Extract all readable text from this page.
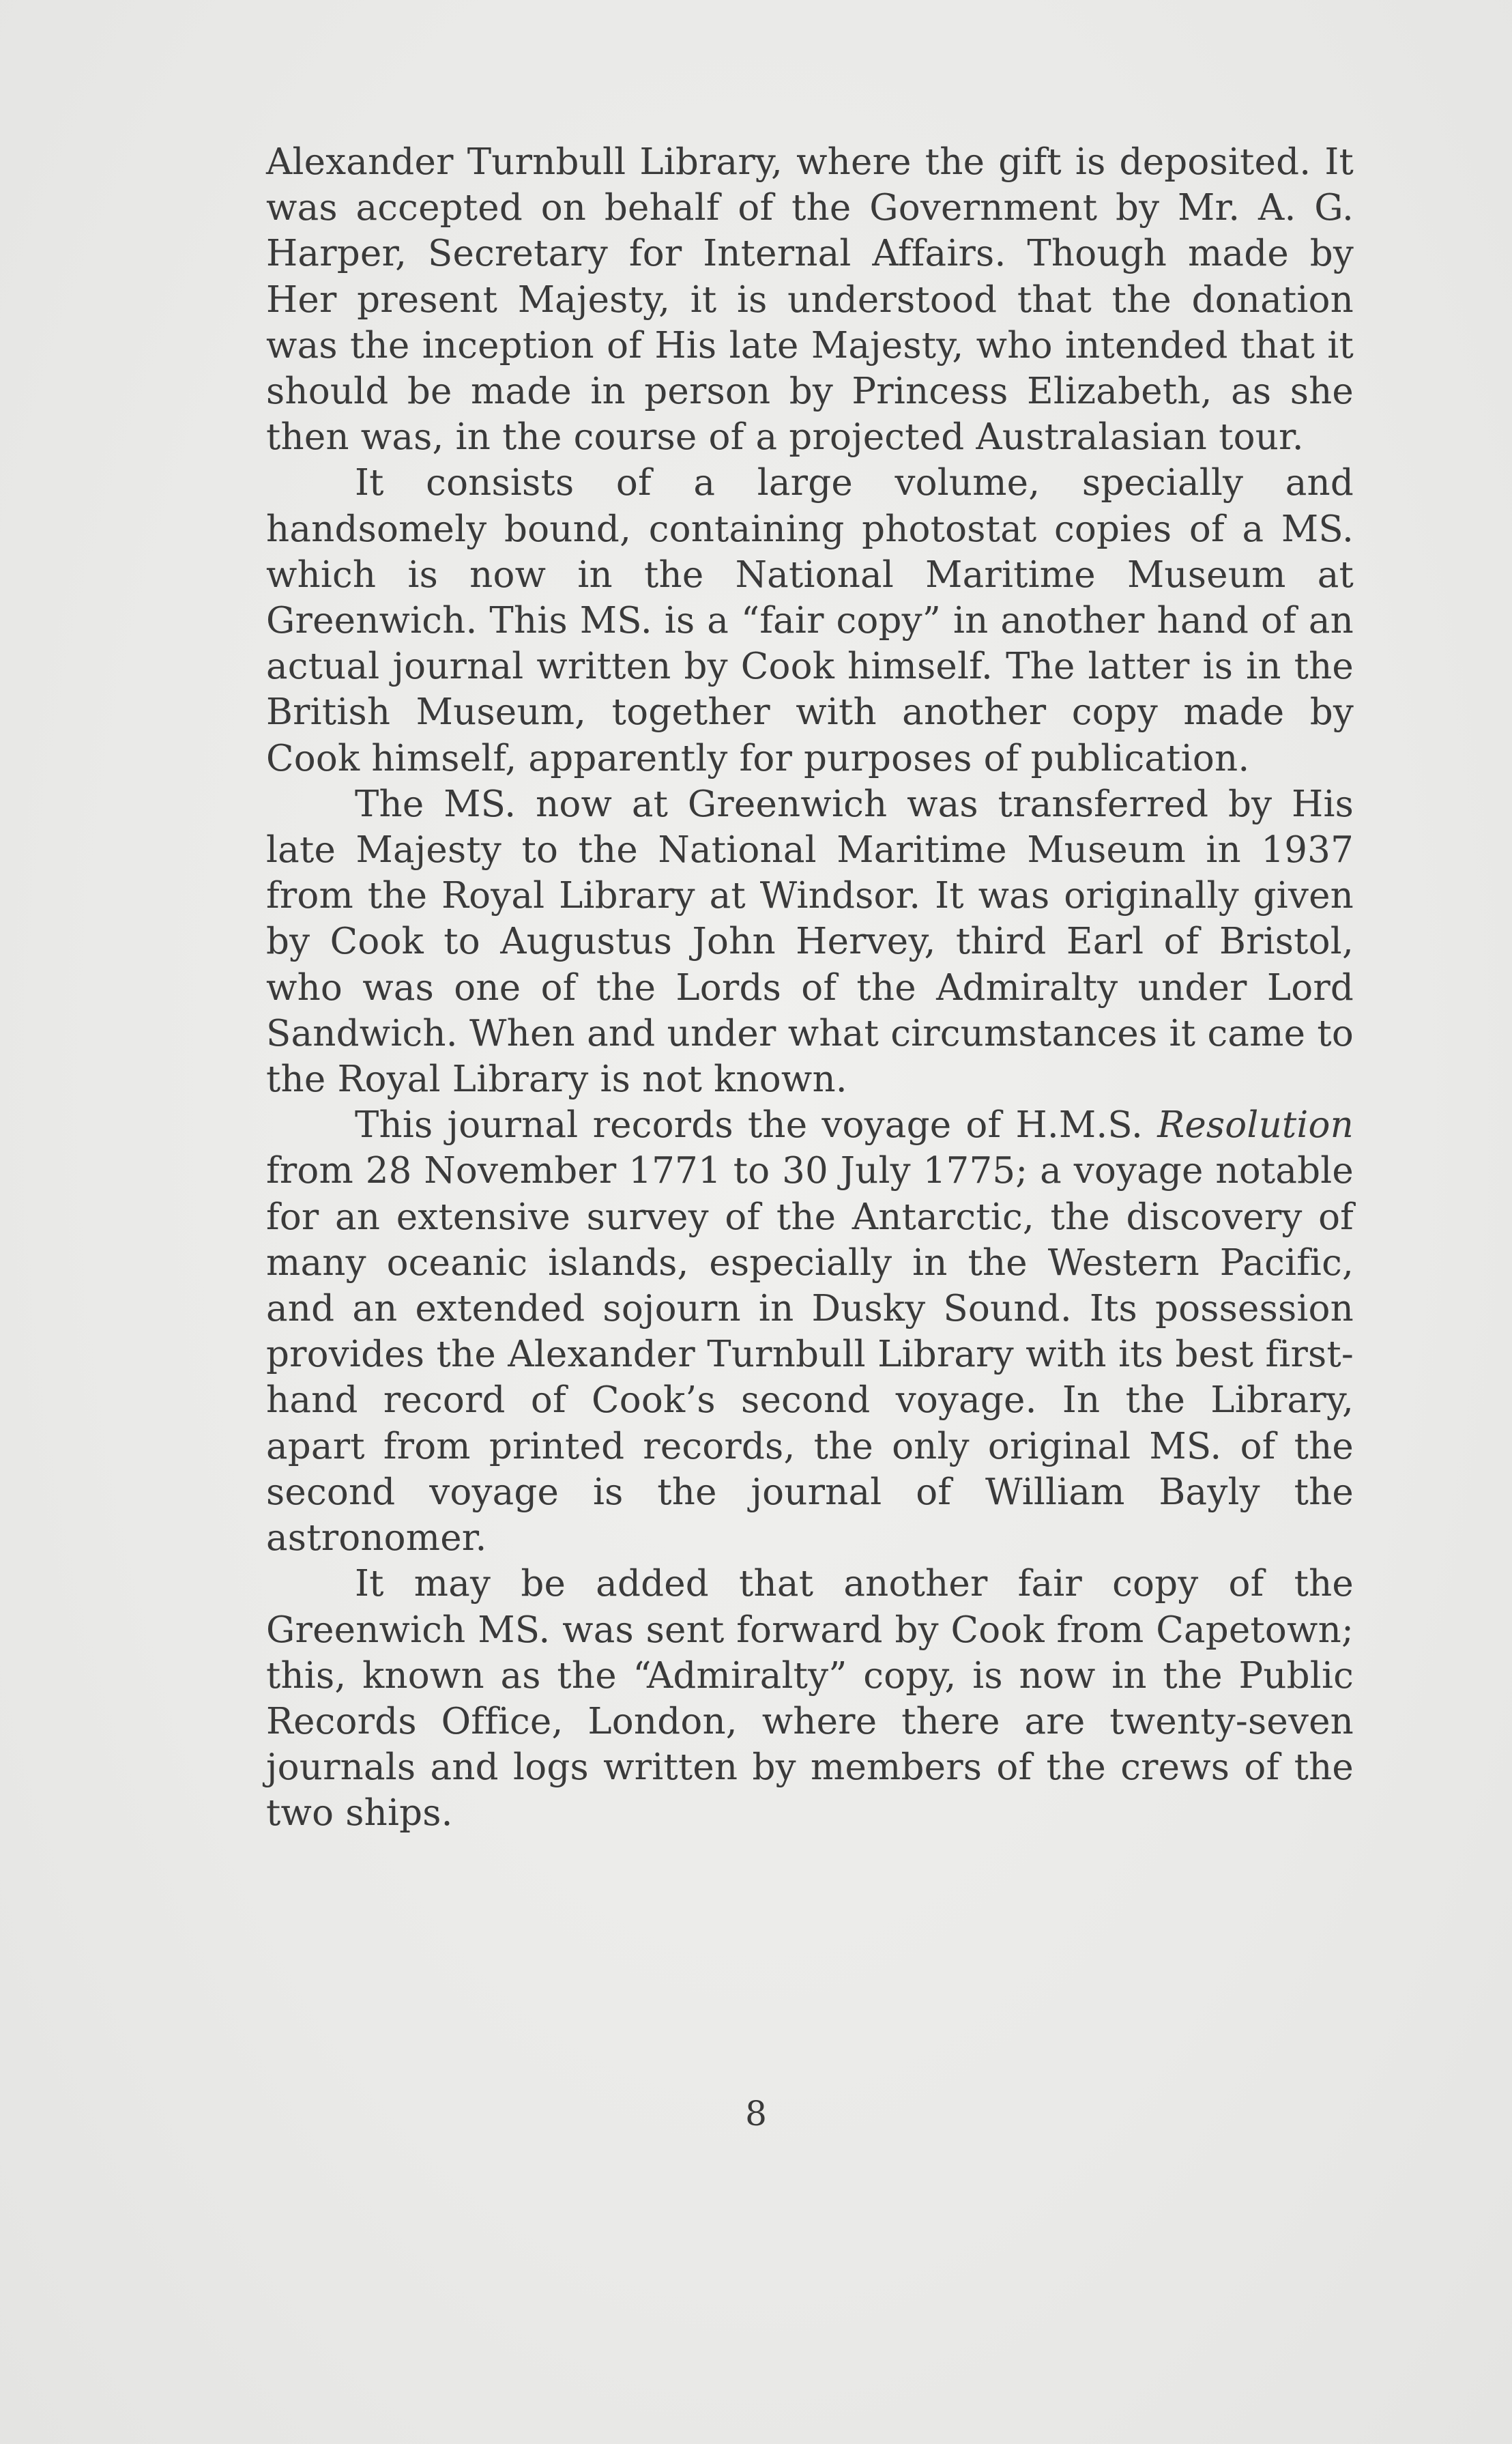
Alexander Turnbull Library, where the gift is deposited. It was accepted on behalf of the Government by Mr. A. G. Harper, Secretary for Internal Affairs. Though made by Her present Majesty, it is understood that the donation was the inception of His late Majesty, who intended that it should be made in person by Princess Elizabeth, as she then was, in the course of a projected Australasian tour.

It consists of a large volume, specially and handsomely bound, containing photostat copies of a MS. which is now in the National Maritime Museum at Greenwich. This MS. is a “fair copy” in another hand of an actual journal written by Cook himself. The latter is in the British Museum, together with another copy made by Cook himself, apparently for purposes of publication.

The MS. now at Greenwich was transferred by His late Majesty to the National Maritime Museum in 1937 from the Royal Library at Windsor. It was originally given by Cook to Augustus John Hervey, third Earl of Bristol, who was one of the Lords of the Admiralty under Lord Sandwich. When and under what circumstances it came to the Royal Library is not known.

This journal records the voyage of H.M.S. Resolution from 28 November 1771 to 30 July 1775; a voyage notable for an extensive survey of the Antarctic, the discovery of many oceanic islands, especially in the Western Pacific, and an extended sojourn in Dusky Sound. Its possession provides the Alexander Turnbull Library with its best first-hand record of Cook’s second voyage. In the Library, apart from printed records, the only original MS. of the second voyage is the journal of William Bayly the astronomer.

It may be added that another fair copy of the Greenwich MS. was sent forward by Cook from Capetown; this, known as the “Admiralty” copy, is now in the Public Records Office, London, where there are twenty-seven journals and logs written by members of the crews of the two ships.

8
